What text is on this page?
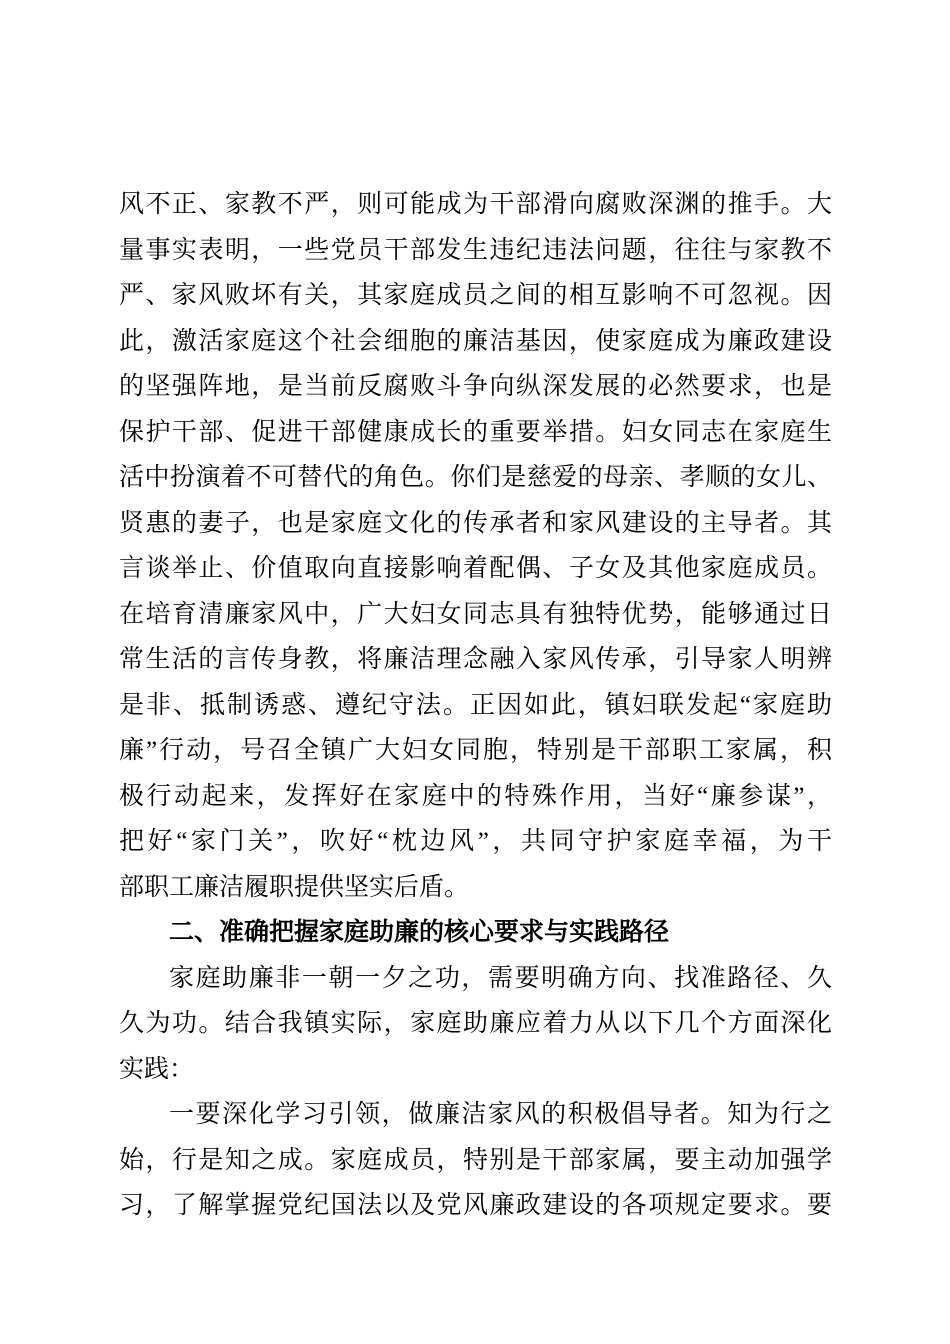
风不正、家教不严，则可能成为干部滑向腐败深渊的推手。大
量事实表明，一些党员干部发生违纪违法问题，往往与家教不
严、家风败坏有关，其家庭成员之间的相互影响不可忽视。因
此，激活家庭这个社会细胞的廉洁基因，使家庭成为廉政建设
的坚强阵地，是当前反腐败斗争向纵深发展的必然要求，也是
保护干部、促进干部健康成长的重要举措。妇女同志在家庭生
活中扮演着不可替代的角色。你们是慈爱的母亲、孝顺的女儿、
贤惠的妻子，也是家庭文化的传承者和家风建设的主导者。其
言谈举止、价值取向直接影响着配偶、子女及其他家庭成员。
在培育清廉家风中，广大妇女同志具有独特优势，能够通过日
常生活的言传身教，将廉洁理念融入家风传承，引导家人明辨
是非、抵制诱惑、遵纪守法。正因如此，镇妇联发起“家庭助
廉”行动，号召全镇广大妇女同胞，特别是干部职工家属，积
极行动起来，发挥好在家庭中的特殊作用，当好“廉参谋”，
把好“家门关”，吹好“枕边风”，共同守护家庭幸福，为干
部职工廉洁履职提供坚实后盾。
二、准确把握家庭助廉的核心要求与实践路径
家庭助廉非一朝一夕之功，需要明确方向、找准路径、久
久为功。结合我镇实际，家庭助廉应着力从以下几个方面深化
实践：
一要深化学习引领，做廉洁家风的积极倡导者。知为行之
始，行是知之成。家庭成员，特别是干部家属，要主动加强学
习，了解掌握党纪国法以及党风廉政建设的各项规定要求。要
